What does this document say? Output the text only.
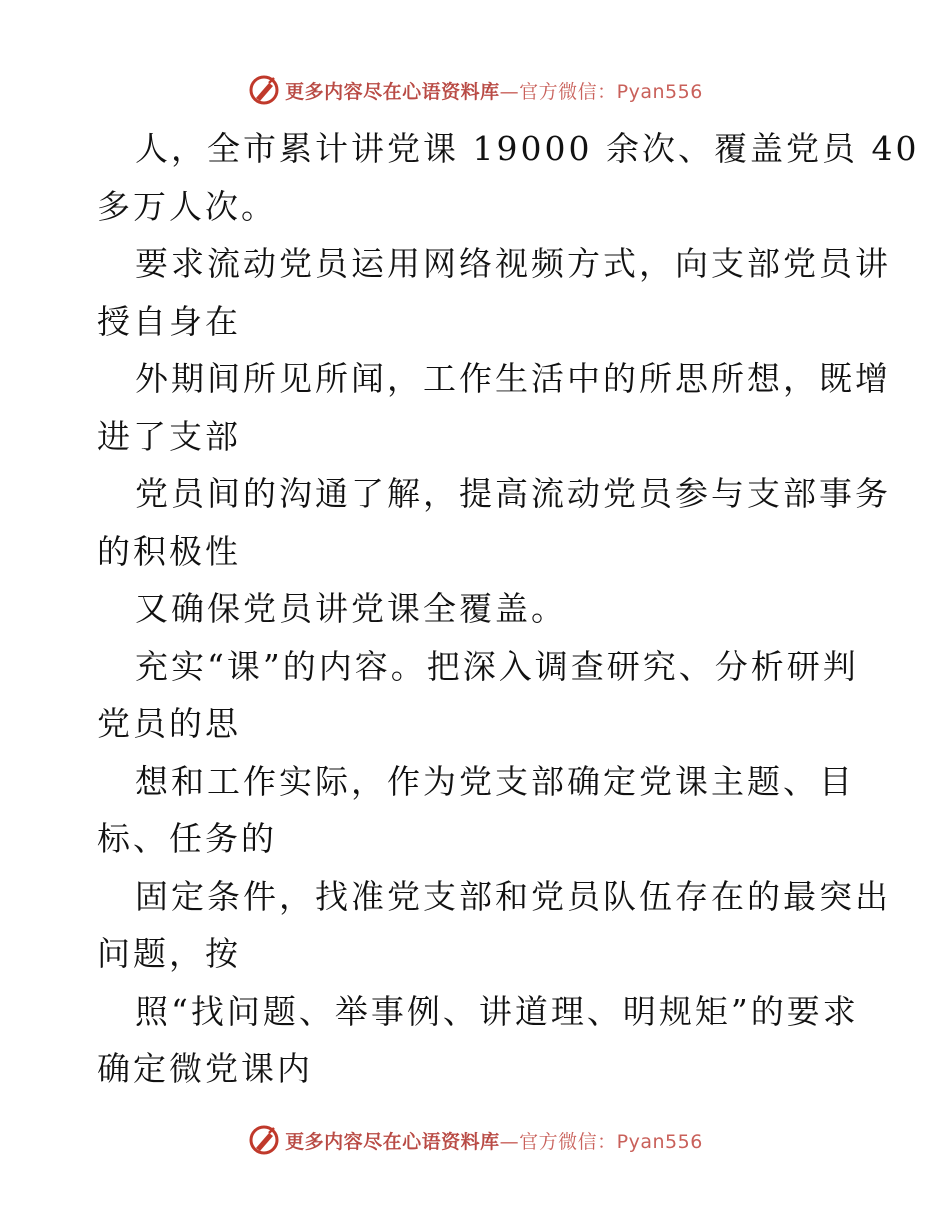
更多内容尽在心语资料库—官方微信：Pyan556
人，全市累计讲党课 19000 余次、覆盖党员 40
多万人次。
要求流动党员运用网络视频方式，向支部党员讲
授自身在
外期间所见所闻，工作生活中的所思所想，既增
进了支部
党员间的沟通了解，提高流动党员参与支部事务
的积极性
又确保党员讲党课全覆盖。
充实“课”的内容。把深入调查研究、分析研判
党员的思
想和工作实际，作为党支部确定党课主题、目
标、任务的
固定条件，找准党支部和党员队伍存在的最突出
问题，按
照“找问题、举事例、讲道理、明规矩”的要求
确定微党课内
更多内容尽在心语资料库—官方微信：Pyan556
